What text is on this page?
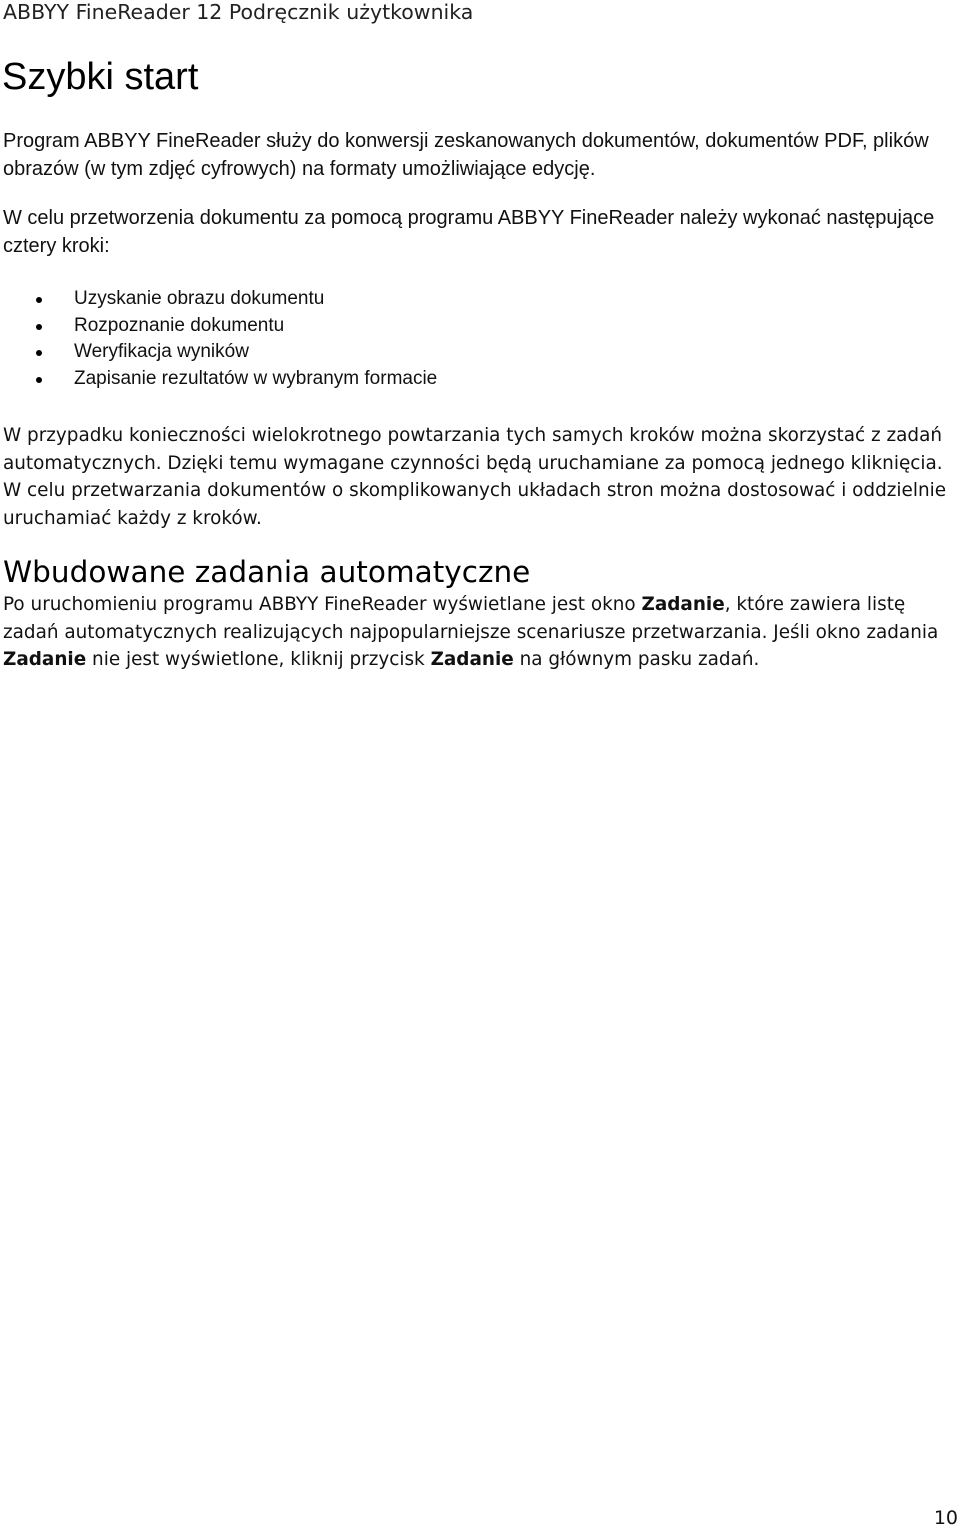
ABBYY FineReader 12 Podręcznik użytkownika
Szybki start

Program ABBYY FineReader służy do konwersji zeskanowanych dokumentów, dokumentów PDF, plików obrazów (w tym zdjęć cyfrowych) na formaty umożliwiające edycję.

W celu przetworzenia dokumentu za pomocą programu ABBYY FineReader należy wykonać następujące cztery kroki:

Uzyskanie obrazu dokumentu
Rozpoznanie dokumentu
Weryfikacja wyników
Zapisanie rezultatów w wybranym formacie

W przypadku konieczności wielokrotnego powtarzania tych samych kroków można skorzystać z zadań automatycznych. Dzięki temu wymagane czynności będą uruchamiane za pomocą jednego kliknięcia. W celu przetwarzania dokumentów o skomplikowanych układach stron można dostosować i oddzielnie uruchamiać każdy z kroków.

Wbudowane zadania automatyczne

Po uruchomieniu programu ABBYY FineReader wyświetlane jest okno Zadanie, które zawiera listę zadań automatycznych realizujących najpopularniejsze scenariusze przetwarzania. Jeśli okno zadania Zadanie nie jest wyświetlone, kliknij przycisk Zadanie na głównym pasku zadań.

10
